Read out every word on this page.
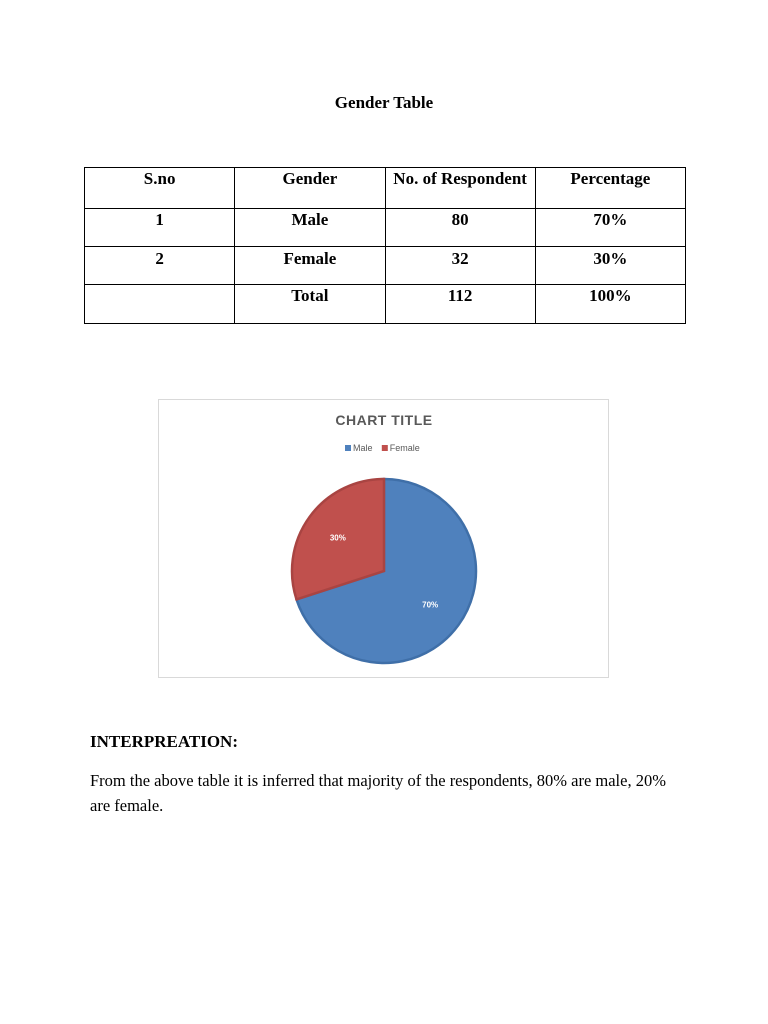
Gender Table
S.no	Gender	No. of Respondent	Percentage
1	Male	80	70%
2	Female	32	30%
	Total	112	100%
CHART TITLE
Male Female
70%
30%
INTERPREATION:
From the above table it is inferred that majority of the respondents, 80% are male, 20% are female.
